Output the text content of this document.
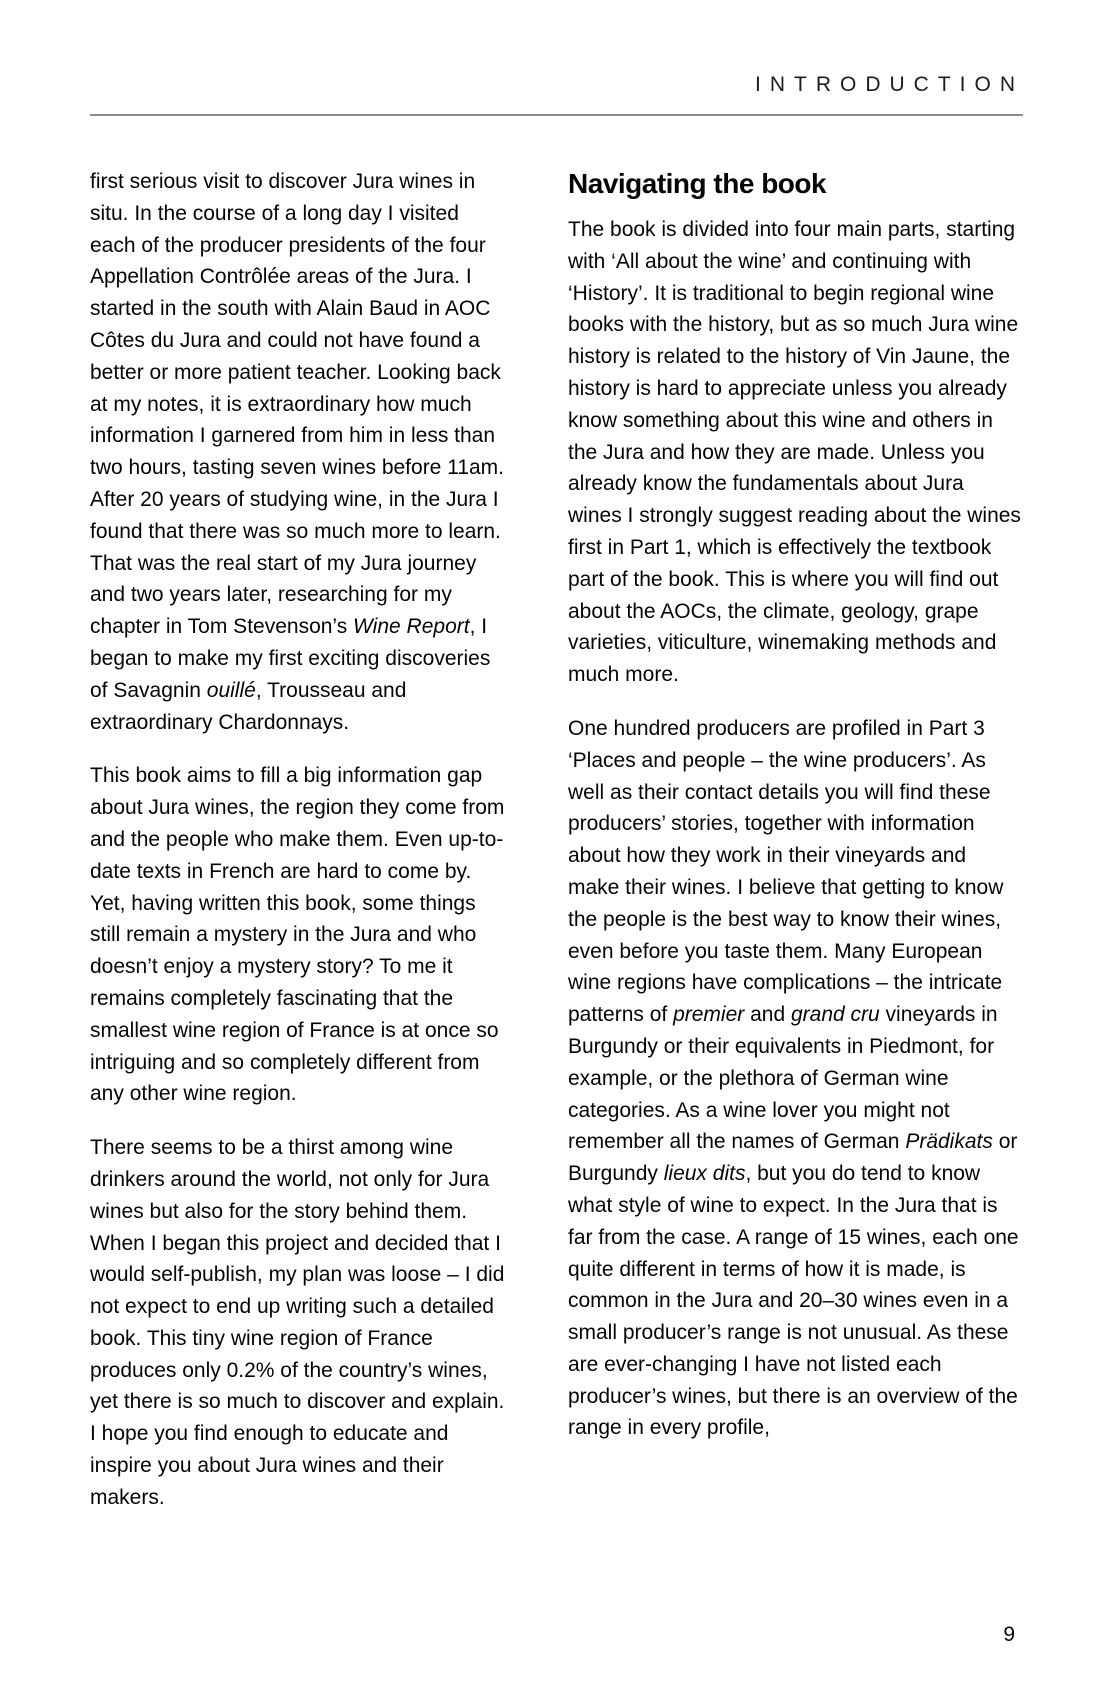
INTRODUCTION

first serious visit to discover Jura wines in situ. In the course of a long day I visited each of the producer presidents of the four Appellation Contrôlée areas of the Jura. I started in the south with Alain Baud in AOC Côtes du Jura and could not have found a better or more patient teacher. Looking back at my notes, it is extraordinary how much information I garnered from him in less than two hours, tasting seven wines before 11am. After 20 years of studying wine, in the Jura I found that there was so much more to learn. That was the real start of my Jura journey and two years later, researching for my chapter in Tom Stevenson’s Wine Report, I began to make my first exciting discoveries of Savagnin ouillé, Trousseau and extraordinary Chardonnays.

This book aims to fill a big information gap about Jura wines, the region they come from and the people who make them. Even up-to-date texts in French are hard to come by. Yet, having written this book, some things still remain a mystery in the Jura and who doesn’t enjoy a mystery story? To me it remains completely fascinating that the smallest wine region of France is at once so intriguing and so completely different from any other wine region.

There seems to be a thirst among wine drinkers around the world, not only for Jura wines but also for the story behind them. When I began this project and decided that I would self-publish, my plan was loose – I did not expect to end up writing such a detailed book. This tiny wine region of France produces only 0.2% of the country’s wines, yet there is so much to discover and explain. I hope you find enough to educate and inspire you about Jura wines and their makers.

Navigating the book

The book is divided into four main parts, starting with ‘All about the wine’ and continuing with ‘History’. It is traditional to begin regional wine books with the history, but as so much Jura wine history is related to the history of Vin Jaune, the history is hard to appreciate unless you already know something about this wine and others in the Jura and how they are made. Unless you already know the fundamentals about Jura wines I strongly suggest reading about the wines first in Part 1, which is effectively the textbook part of the book. This is where you will find out about the AOCs, the climate, geology, grape varieties, viticulture, winemaking methods and much more.

One hundred producers are profiled in Part 3 ‘Places and people – the wine producers’. As well as their contact details you will find these producers’ stories, together with information about how they work in their vineyards and make their wines. I believe that getting to know the people is the best way to know their wines, even before you taste them. Many European wine regions have complications – the intricate patterns of premier and grand cru vineyards in Burgundy or their equivalents in Piedmont, for example, or the plethora of German wine categories. As a wine lover you might not remember all the names of German Prädikats or Burgundy lieux dits, but you do tend to know what style of wine to expect. In the Jura that is far from the case. A range of 15 wines, each one quite different in terms of how it is made, is common in the Jura and 20–30 wines even in a small producer’s range is not unusual. As these are ever-changing I have not listed each producer’s wines, but there is an overview of the range in every profile,

9
